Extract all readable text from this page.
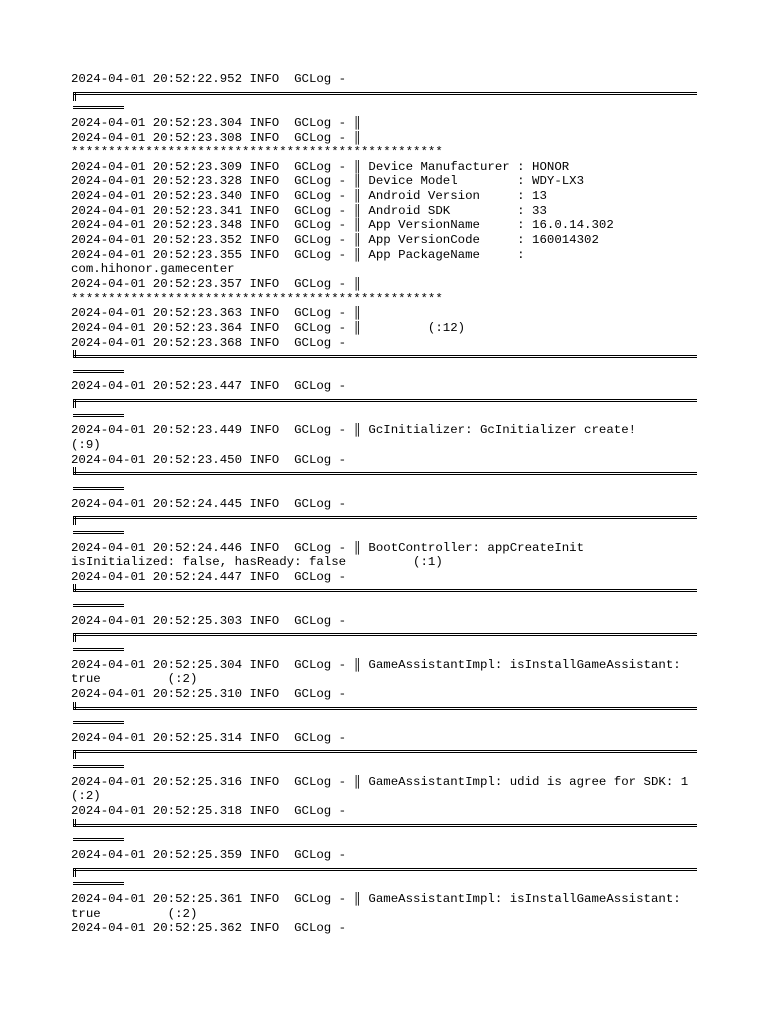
2024-04-01 20:52:22.952 INFO  GCLog -
2024-04-01 20:52:23.304 INFO  GCLog - ║
2024-04-01 20:52:23.308 INFO  GCLog - ║
**************************************************
2024-04-01 20:52:23.309 INFO  GCLog - ║ Device Manufacturer : HONOR
2024-04-01 20:52:23.328 INFO  GCLog - ║ Device Model        : WDY-LX3
2024-04-01 20:52:23.340 INFO  GCLog - ║ Android Version     : 13
2024-04-01 20:52:23.341 INFO  GCLog - ║ Android SDK         : 33
2024-04-01 20:52:23.348 INFO  GCLog - ║ App VersionName     : 16.0.14.302
2024-04-01 20:52:23.352 INFO  GCLog - ║ App VersionCode     : 160014302
2024-04-01 20:52:23.355 INFO  GCLog - ║ App PackageName     :
com.hihonor.gamecenter
2024-04-01 20:52:23.357 INFO  GCLog - ║
**************************************************
2024-04-01 20:52:23.363 INFO  GCLog - ║
2024-04-01 20:52:23.364 INFO  GCLog - ║         (:12)
2024-04-01 20:52:23.368 INFO  GCLog -
2024-04-01 20:52:23.447 INFO  GCLog -
2024-04-01 20:52:23.449 INFO  GCLog - ║ GcInitializer: GcInitializer create!
(:9)
2024-04-01 20:52:23.450 INFO  GCLog -
2024-04-01 20:52:24.445 INFO  GCLog -
2024-04-01 20:52:24.446 INFO  GCLog - ║ BootController: appCreateInit
isInitialized: false, hasReady: false         (:1)
2024-04-01 20:52:24.447 INFO  GCLog -
2024-04-01 20:52:25.303 INFO  GCLog -
2024-04-01 20:52:25.304 INFO  GCLog - ║ GameAssistantImpl: isInstallGameAssistant:
true         (:2)
2024-04-01 20:52:25.310 INFO  GCLog -
2024-04-01 20:52:25.314 INFO  GCLog -
2024-04-01 20:52:25.316 INFO  GCLog - ║ GameAssistantImpl: udid is agree for SDK: 1
(:2)
2024-04-01 20:52:25.318 INFO  GCLog -
2024-04-01 20:52:25.359 INFO  GCLog -
2024-04-01 20:52:25.361 INFO  GCLog - ║ GameAssistantImpl: isInstallGameAssistant:
true         (:2)
2024-04-01 20:52:25.362 INFO  GCLog -
